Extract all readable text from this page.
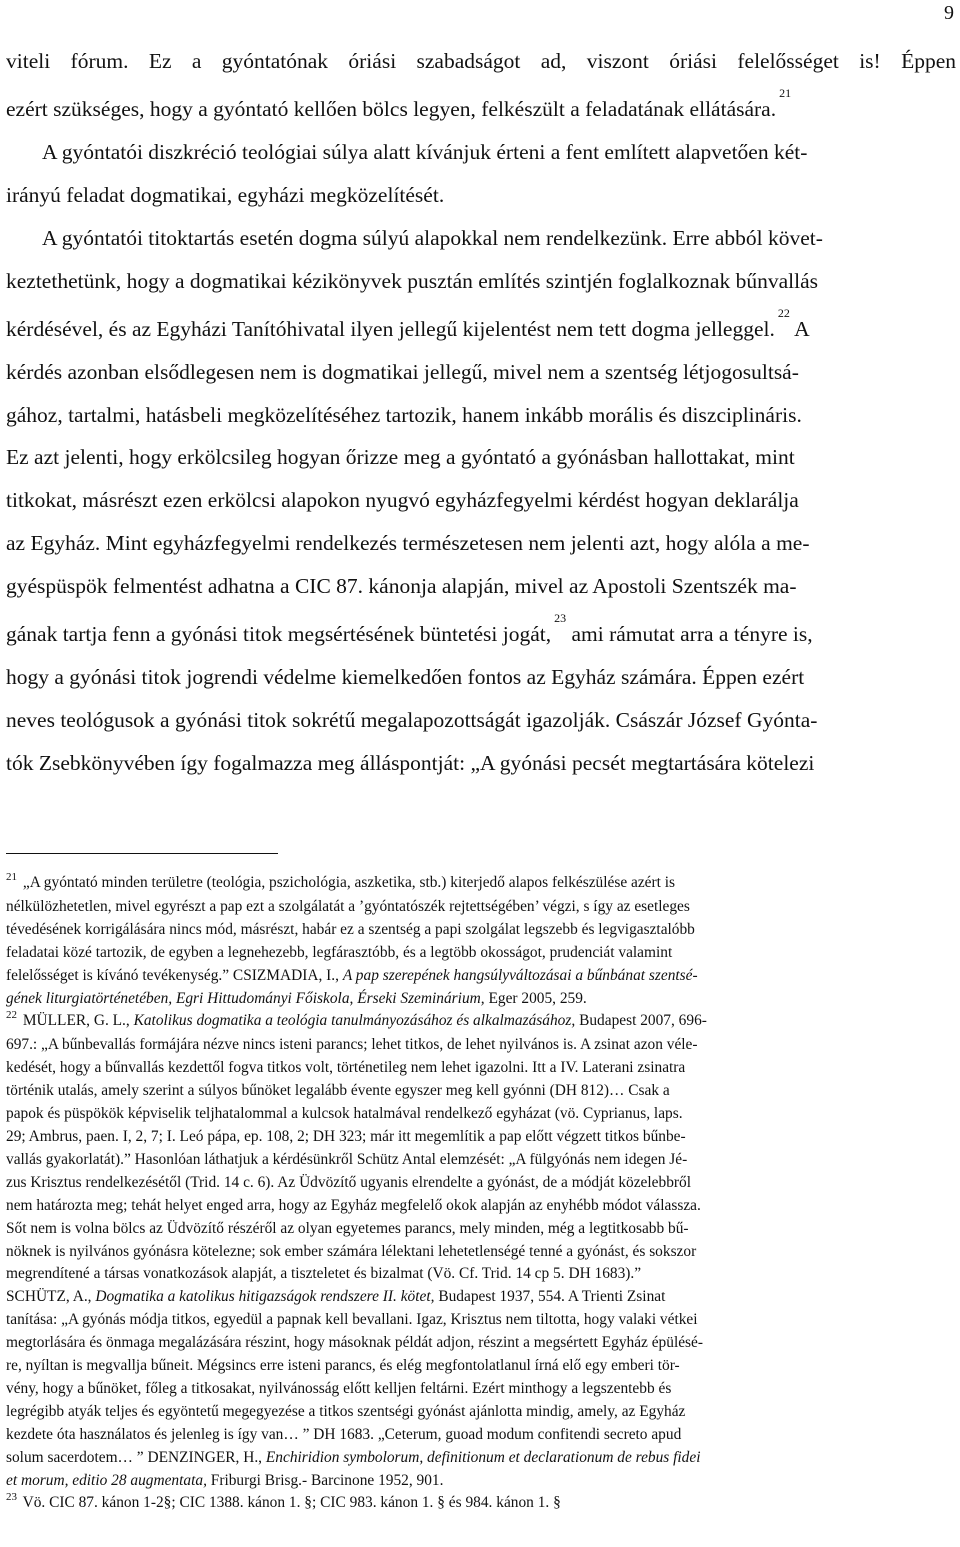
9
viteli fórum. Ez a gyóntatónak óriási szabadságot ad, viszont óriási felelősséget is! Éppen
ezért szükséges, hogy a gyóntató kellően bölcs legyen, felkészült a feladatának ellátására.$^{21}$
A gyóntatói diszkréció teológiai súlya alatt kívánjuk érteni a fent említett alapvetően két-
irányú feladat dogmatikai, egyházi megközelítését.
A gyóntatói titoktartás esetén dogma súlyú alapokkal nem rendelkezünk. Erre abból követ-
keztethetünk, hogy a dogmatikai kézikönyvek pusztán említés szintjén foglalkoznak bűnvallás
kérdésével, és az Egyházi Tanítóhivatal ilyen jellegű kijelentést nem tett dogma jelleggel.$^{22}$ A
kérdés azonban elsődlegesen nem is dogmatikai jellegű, mivel nem a szentség létjogosultsá-
gához, tartalmi, hatásbeli megközelítéséhez tartozik, hanem inkább morális és diszciplináris.
Ez azt jelenti, hogy erkölcsileg hogyan őrizze meg a gyóntató a gyónásban hallottakat, mint
titkokat, másrészt ezen erkölcsi alapokon nyugvó egyházfegyelmi kérdést hogyan deklarálja
az Egyház. Mint egyházfegyelmi rendelkezés természetesen nem jelenti azt, hogy alóla a me-
gyéspüspök felmentést adhatna a CIC 87. kánonja alapján, mivel az Apostoli Szentszék ma-
gának tartja fenn a gyónási titok megsértésének büntetési jogát,$^{23}$ ami rámutat arra a tényre is,
hogy a gyónási titok jogrendi védelme kiemelkedően fontos az Egyház számára. Éppen ezért
neves teológusok a gyónási titok sokrétű megalapozottságát igazolják. Császár József Gyónta-
tók Zsebkönyvében így fogalmazza meg álláspontját: „A gyónási pecsét megtartására kötelezi
$^{21}$ „A gyóntató minden területre (teológia, pszichológia, aszketika, stb.) kiterjedő alapos felkészülése azért is
nélkülözhetetlen, mivel egyrészt a pap ezt a szolgálatát a ’gyóntatószék rejtettségében’ végzi, s így az esetleges
tévedésének korrigálására nincs mód, másrészt, habár ez a szentség a papi szolgálat legszebb és legvigasztalóbb
feladatai közé tartozik, de egyben a legnehezebb, legfárasztóbb, és a legtöbb okosságot, prudenciát valamint
felelősséget is kívánó tevékenység.” CSIZMADIA, I., A pap szerepének hangsúlyváltozásai a bűnbánat szentsé-
gének liturgiatörténetében, Egri Hittudományi Főiskola, Érseki Szeminárium, Eger 2005, 259.
$^{22}$ MÜLLER, G. L., Katolikus dogmatika a teológia tanulmányozásához és alkalmazásához, Budapest 2007, 696-
697.: „A bűnbevallás formájára nézve nincs isteni parancs; lehet titkos, de lehet nyilvános is. A zsinat azon véle-
kedését, hogy a bűnvallás kezdettől fogva titkos volt, történetileg nem lehet igazolni. Itt a IV. Laterani zsinatra
történik utalás, amely szerint a súlyos bűnöket legalább évente egyszer meg kell gyónni (DH 812)… Csak a
papok és püspökök képviselik teljhatalommal a kulcsok hatalmával rendelkező egyházat (vö. Cyprianus, laps.
29; Ambrus, paen. I, 2, 7; I. Leó pápa, ep. 108, 2; DH 323; már itt megemlítik a pap előtt végzett titkos bűnbe-
vallás gyakorlatát).” Hasonlóan láthatjuk a kérdésünkről Schütz Antal elemzését: „A fülgyónás nem idegen Jé-
zus Krisztus rendelkezésétől (Trid. 14 c. 6). Az Üdvözítő ugyanis elrendelte a gyónást, de a módját közelebbről
nem határozta meg; tehát helyet enged arra, hogy az Egyház megfelelő okok alapján az enyhébb módot válassza.
Sőt nem is volna bölcs az Üdvözítő részéről az olyan egyetemes parancs, mely minden, még a legtitkosabb bű-
nöknek is nyilvános gyónásra kötelezne; sok ember számára lélektani lehetetlenségé tenné a gyónást, és sokszor
megrendítené a társas vonatkozások alapját, a tiszteletet és bizalmat (Vö. Cf. Trid. 14 cp 5. DH 1683).”
SCHÜTZ, A., Dogmatika a katolikus hitigazságok rendszere II. kötet, Budapest 1937, 554. A Trienti Zsinat
tanítása: „A gyónás módja titkos, egyedül a papnak kell bevallani. Igaz, Krisztus nem tiltotta, hogy valaki vétkei
megtorlására és önmaga megalázására részint, hogy másoknak példát adjon, részint a megsértett Egyház épülésé-
re, nyíltan is megvallja bűneit. Mégsincs erre isteni parancs, és elég megfontolatlanul írná elő egy emberi tör-
vény, hogy a bűnöket, főleg a titkosakat, nyilvánosság előtt kelljen feltárni. Ezért minthogy a legszentebb és
legrégibb atyák teljes és egyöntetű megegyezése a titkos szentségi gyónást ajánlotta mindig, amely, az Egyház
kezdete óta használatos és jelenleg is így van… ” DH 1683. „Ceterum, guoad modum confitendi secreto apud
solum sacerdotem… ” DENZINGER, H., Enchiridion symbolorum, definitionum et declarationum de rebus fidei
et morum, editio 28 augmentata, Friburgi Brisg.- Barcinone 1952, 901.
$^{23}$ Vö. CIC 87. kánon 1-2§; CIC 1388. kánon 1. §; CIC 983. kánon 1. § és 984. kánon 1. §
